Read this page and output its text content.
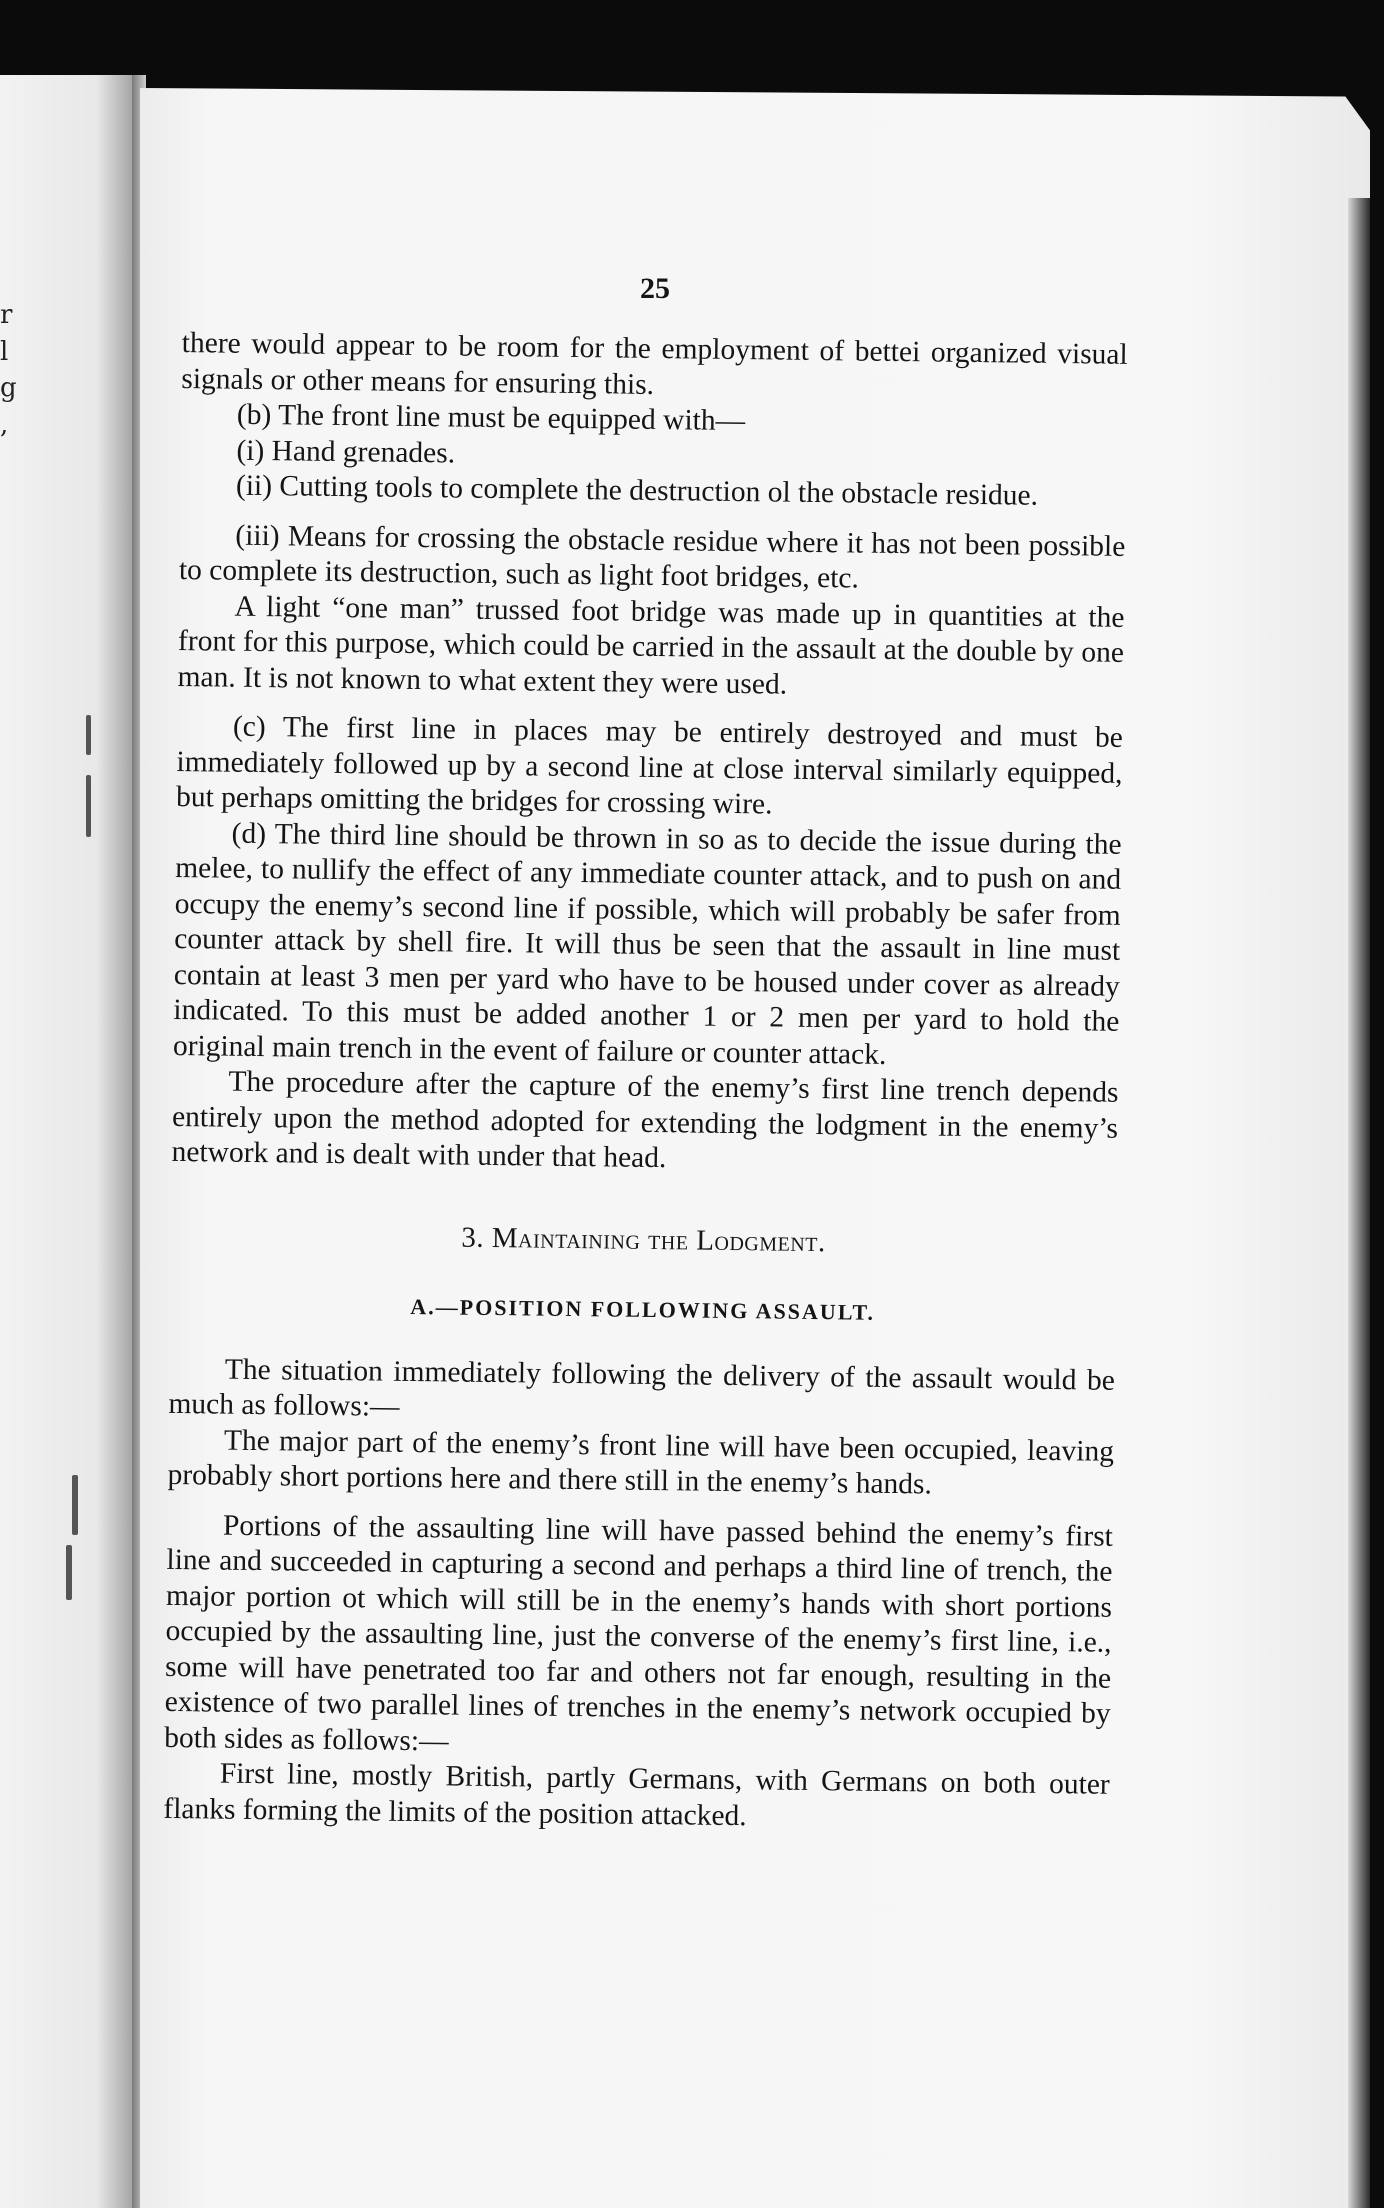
r
l
g
,
25

there would appear to be room for the employment of bettei organized visual signals or other means for ensuring this.

(b) The front line must be equipped with—

(i) Hand grenades.

(ii) Cutting tools to complete the destruction ol the obstacle residue.

(iii) Means for crossing the obstacle residue where it has not been possible to complete its destruction, such as light foot bridges, etc.

A light “one man” trussed foot bridge was made up in quantities at the front for this purpose, which could be carried in the assault at the double by one man. It is not known to what extent they were used.

(c) The first line in places may be entirely destroyed and must be immediately followed up by a second line at close interval similarly equipped, but perhaps omitting the bridges for crossing wire.

(d) The third line should be thrown in so as to decide the issue during the melee, to nullify the effect of any immediate counter attack, and to push on and occupy the enemy’s second line if possible, which will probably be safer from counter attack by shell fire. It will thus be seen that the assault in line must contain at least 3 men per yard who have to be housed under cover as already indicated. To this must be added another 1 or 2 men per yard to hold the original main trench in the event of failure or counter attack.

The procedure after the capture of the enemy’s first line trench depends entirely upon the method adopted for extending the lodgment in the enemy’s network and is dealt with under that head.

3. Maintaining the Lodgment.

A.—POSITION FOLLOWING ASSAULT.

The situation immediately following the delivery of the assault would be much as follows:—

The major part of the enemy’s front line will have been occupied, leaving probably short portions here and there still in the enemy’s hands.

Portions of the assaulting line will have passed behind the enemy’s first line and succeeded in capturing a second and perhaps a third line of trench, the major portion ot which will still be in the enemy’s hands with short portions occupied by the assaulting line, just the converse of the enemy’s first line, i.e., some will have penetrated too far and others not far enough, resulting in the existence of two parallel lines of trenches in the enemy’s network occupied by both sides as follows:—

First line, mostly British, partly Germans, with Germans on both outer flanks forming the limits of the position attacked.
